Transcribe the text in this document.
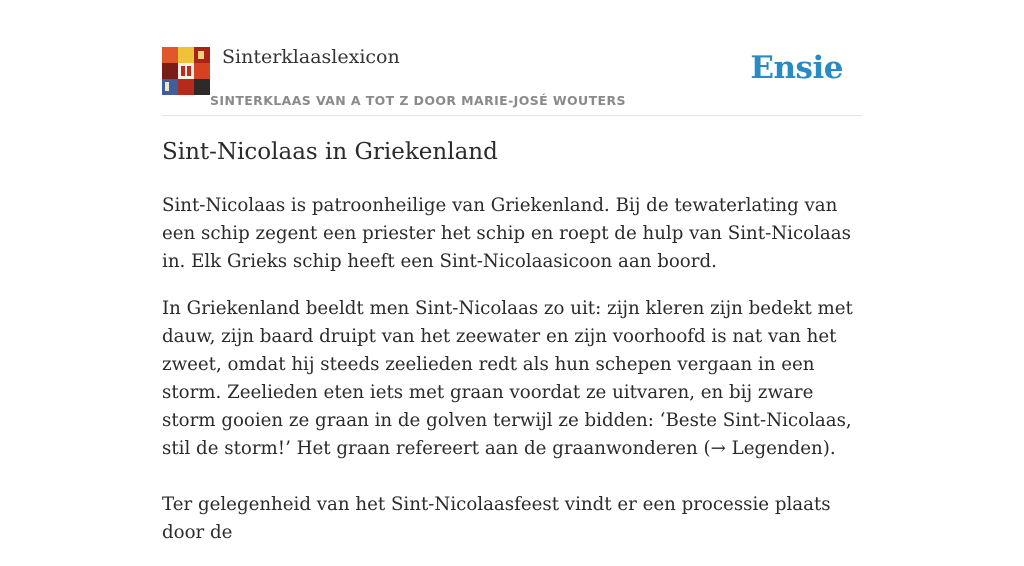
Sinterklaaslexicon
SINTERKLAAS VAN A TOT Z DOOR MARIE-JOSÉ WOUTERS
Ensie
Sint-Nicolaas in Griekenland

Sint-Nicolaas is patroonheilige van Griekenland. Bij de tewaterlating van een schip zegent een priester het schip en roept de hulp van Sint-Nicolaas in. Elk Grieks schip heeft een Sint-Nicolaasicoon aan boord.

In Griekenland beeldt men Sint-Nicolaas zo uit: zijn kleren zijn bedekt met dauw, zijn baard druipt van het zeewater en zijn voorhoofd is nat van het zweet, omdat hij steeds zeelieden redt als hun schepen vergaan in een storm. Zeelieden eten iets met graan voordat ze uitvaren, en bij zware storm gooien ze graan in de golven terwijl ze bidden: ‘Beste Sint-Nicolaas, stil de storm!’ Het graan refereert aan de graanwonderen (→ Legenden).

Ter gelegenheid van het Sint-Nicolaasfeest vindt er een processie plaats door de
